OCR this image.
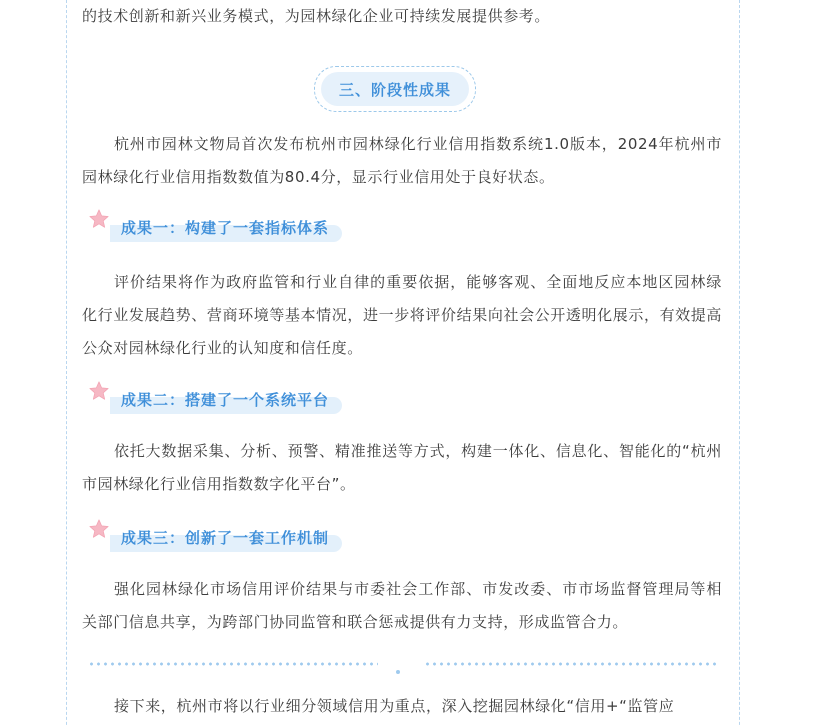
的技术创新和新兴业务模式，为园林绿化企业可持续发展提供参考。

三、阶段性成果

杭州市园林文物局首次发布杭州市园林绿化行业信用指数系统1.0版本，2024年杭州市园林绿化行业信用指数数值为80.4分，显示行业信用处于良好状态。

成果一：构建了一套指标体系

评价结果将作为政府监管和行业自律的重要依据，能够客观、全面地反应本地区园林绿化行业发展趋势、营商环境等基本情况，进一步将评价结果向社会公开透明化展示，有效提高公众对园林绿化行业的认知度和信任度。

成果二：搭建了一个系统平台

依托大数据采集、分析、预警、精准推送等方式，构建一体化、信息化、智能化的“杭州市园林绿化行业信用指数数字化平台”。

成果三：创新了一套工作机制

强化园林绿化市场信用评价结果与市委社会工作部、市发改委、市市场监督管理局等相关部门信息共享，为跨部门协同监管和联合惩戒提供有力支持，形成监管合力。

接下来，杭州市将以行业细分领域信用为重点，深入挖掘园林绿化“信用+“监管应
